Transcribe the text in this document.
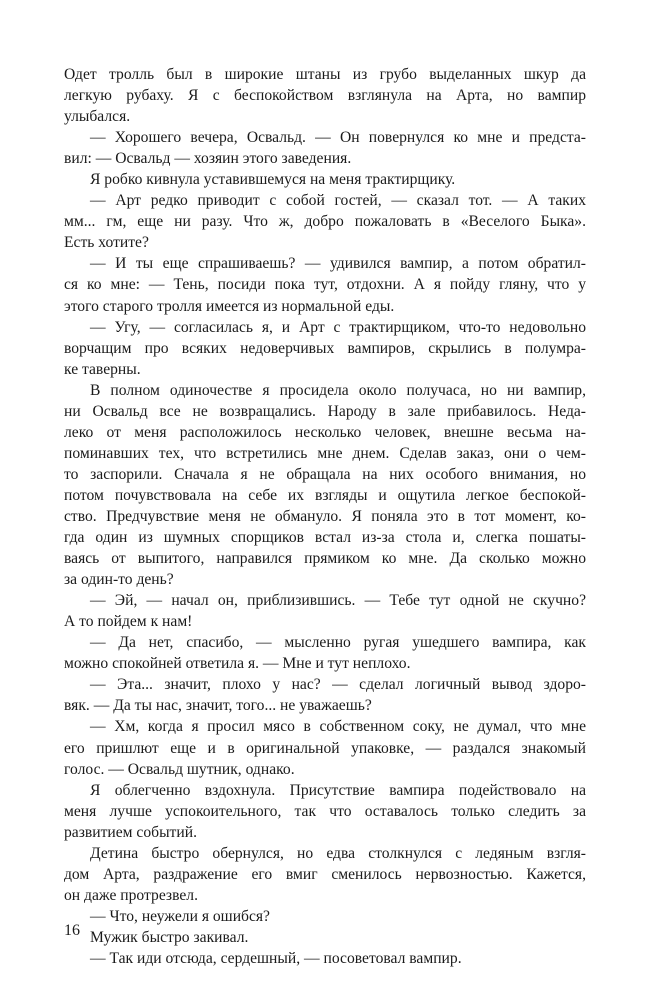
Одет тролль был в широкие штаны из грубо выделанных шкур да
легкую рубаху. Я с беспокойством взглянула на Арта, но вампир
улыбался.
— Хорошего вечера, Освальд. — Он повернулся ко мне и предста-
вил: — Освальд — хозяин этого заведения.
Я робко кивнула уставившемуся на меня трактирщику.
— Арт редко приводит с собой гостей, — сказал тот. — А таких
мм... гм, еще ни разу. Что ж, добро пожаловать в «Веселого Быка».
Есть хотите?
— И ты еще спрашиваешь? — удивился вампир, а потом обратил-
ся ко мне: — Тень, посиди пока тут, отдохни. А я пойду гляну, что у
этого старого тролля имеется из нормальной еды.
— Угу, — согласилась я, и Арт с трактирщиком, что-то недовольно
ворчащим про всяких недоверчивых вампиров, скрылись в полумра-
ке таверны.
В полном одиночестве я просидела около получаса, но ни вампир,
ни Освальд все не возвращались. Народу в зале прибавилось. Неда-
леко от меня расположилось несколько человек, внешне весьма на-
поминавших тех, что встретились мне днем. Сделав заказ, они о чем-
то заспорили. Сначала я не обращала на них особого внимания, но
потом почувствовала на себе их взгляды и ощутила легкое беспокой-
ство. Предчувствие меня не обмануло. Я поняла это в тот момент, ко-
гда один из шумных спорщиков встал из-за стола и, слегка пошаты-
ваясь от выпитого, направился прямиком ко мне. Да сколько можно
за один-то день?
— Эй, — начал он, приблизившись. — Тебе тут одной не скучно?
А то пойдем к нам!
— Да нет, спасибо, — мысленно ругая ушедшего вампира, как
можно спокойней ответила я. — Мне и тут неплохо.
— Эта... значит, плохо у нас? — сделал логичный вывод здоро-
вяк. — Да ты нас, значит, того... не уважаешь?
— Хм, когда я просил мясо в собственном соку, не думал, что мне
его пришлют еще и в оригинальной упаковке, — раздался знакомый
голос. — Освальд шутник, однако.
Я облегченно вздохнула. Присутствие вампира подействовало на
меня лучше успокоительного, так что оставалось только следить за
развитием событий.
Детина быстро обернулся, но едва столкнулся с ледяным взгля-
дом Арта, раздражение его вмиг сменилось нервозностью. Кажется,
он даже протрезвел.
— Что, неужели я ошибся?
Мужик быстро закивал.
— Так иди отсюда, сердешный, — посоветовал вампир.
16
